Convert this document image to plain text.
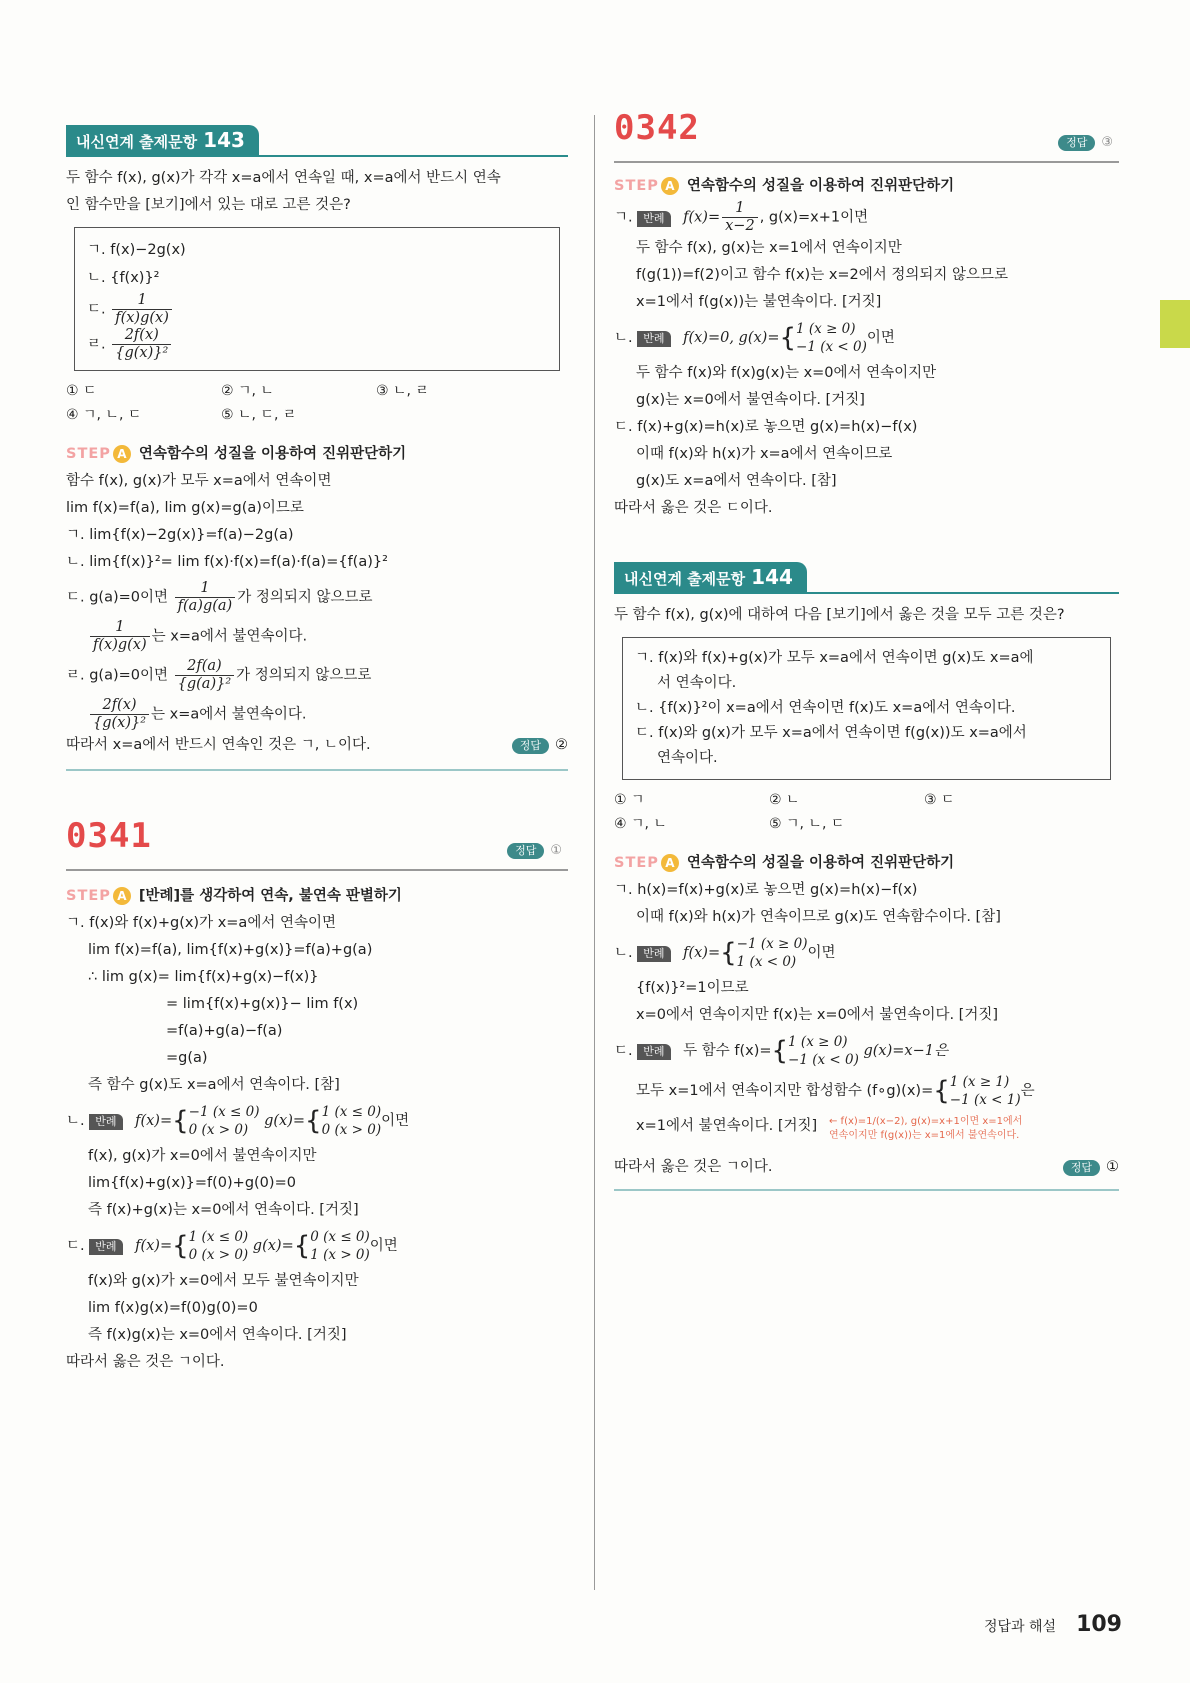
내신연계 출제문항 143
두 함수 f(x), g(x)가 각각 x=a에서 연속일 때, x=a에서 반드시 연속
인 함수만을 [보기]에서 있는 대로 고른 것은?
ㄱ. f(x)−2g(x)
ㄴ. {f(x)}²
ㄷ. $\frac{1}{f(x)g(x)}$
ㄹ. $\frac{2f(x)}{\text{\{g(x)\}²}}$
① ㄷ	② ㄱ, ㄴ	③ ㄴ, ㄹ
④ ㄱ, ㄴ, ㄷ	⑤ ㄴ, ㄷ, ㄹ
STEP A 연속함수의 성질을 이용하여 진위판단하기
함수 f(x), g(x)가 모두 x=a에서 연속이면
lim f(x)=f(a), lim g(x)=g(a)이므로
ㄱ. lim{f(x)−2g(x)}=f(a)−2g(a)
ㄴ. lim{f(x)}²= lim f(x)·f(x)=f(a)·f(a)={f(a)}²
ㄷ. g(a)=0이면 $\frac{1}{f(a)g(a)}$ 가 정의되지 않으므로
$\frac{1}{f(x)g(x)}$ 는 x=a에서 불연속이다.
ㄹ. g(a)=0이면 $\frac{2f(a)}{\text{\{g(a)\}²}}$ 가 정의되지 않으므로
$\frac{2f(x)}{\text{\{g(x)\}²}}$ 는 x=a에서 불연속이다.
따라서 x=a에서 반드시 연속인 것은 ㄱ, ㄴ이다.	정답 ②
0341	정답 ①
STEP A [반례]를 생각하여 연속, 불연속 판별하기
ㄱ. f(x)와 f(x)+g(x)가 x=a에서 연속이면
lim f(x)=f(a), lim{f(x)+g(x)}=f(a)+g(a)
∴ lim g(x)= lim{f(x)+g(x)−f(x)}
= lim{f(x)+g(x)}− lim f(x)
=f(a)+g(a)−f(a)
=g(a)
즉 함수 g(x)도 x=a에서 연속이다. [참]
ㄴ. 반례 f(x)={ −1 (x ≤ 0)
0 (x > 0)
g(x)={ 1 (x ≤ 0)
0 (x > 0)
이면
f(x), g(x)가 x=0에서 불연속이지만
lim{f(x)+g(x)}=f(0)+g(0)=0
즉 f(x)+g(x)는 x=0에서 연속이다. [거짓]
ㄷ. 반례 f(x)={ 1 (x ≤ 0)
0 (x > 0)
g(x)={ 0 (x ≤ 0)
1 (x > 0)
이면
f(x)와 g(x)가 x=0에서 모두 불연속이지만
lim f(x)g(x)=f(0)g(0)=0
즉 f(x)g(x)는 x=0에서 연속이다. [거짓]
따라서 옳은 것은 ㄱ이다.
0342	정답 ③
STEP A 연속함수의 성질을 이용하여 진위판단하기
ㄱ. 반례 $f(x)= \frac{1}{x-2}$ , g(x)=x+1이면
두 함수 f(x), g(x)는 x=1에서 연속이지만
f(g(1))=f(2)이고 함수 f(x)는 x=2에서 정의되지 않으므로
x=1에서 f(g(x))는 불연속이다. [거짓]
ㄴ. 반례 f(x)=0, g(x)={ 1 (x ≥ 0)
−1 (x < 0)
이면
두 함수 f(x)와 f(x)g(x)는 x=0에서 연속이지만
g(x)는 x=0에서 불연속이다. [거짓]
ㄷ. f(x)+g(x)=h(x)로 놓으면 g(x)=h(x)−f(x)
이때 f(x)와 h(x)가 x=a에서 연속이므로
g(x)도 x=a에서 연속이다. [참]
따라서 옳은 것은 ㄷ이다.
내신연계 출제문항 144
두 함수 f(x), g(x)에 대하여 다음 [보기]에서 옳은 것을 모두 고른 것은?
ㄱ. f(x)와 f(x)+g(x)가 모두 x=a에서 연속이면 g(x)도 x=a에
서 연속이다.
ㄴ. {f(x)}²이 x=a에서 연속이면 f(x)도 x=a에서 연속이다.
ㄷ. f(x)와 g(x)가 모두 x=a에서 연속이면 f(g(x))도 x=a에서
연속이다.
① ㄱ	② ㄴ	③ ㄷ
④ ㄱ, ㄴ	⑤ ㄱ, ㄴ, ㄷ
STEP A 연속함수의 성질을 이용하여 진위판단하기
ㄱ. h(x)=f(x)+g(x)로 놓으면 g(x)=h(x)−f(x)
이때 f(x)와 h(x)가 연속이므로 g(x)도 연속함수이다. [참]
ㄴ. 반례 f(x)={ −1 (x ≥ 0)
1 (x < 0)
이면
{f(x)}²=1이므로
x=0에서 연속이지만 f(x)는 x=0에서 불연속이다. [거짓]
ㄷ. 반례 두 함수 f(x)={ 1 (x ≥ 0)
−1 (x < 0)
g(x)=x−1은
모두 x=1에서 연속이지만 합성함수 (f∘g)(x)={ 1 (x ≥ 1)
−1 (x < 1)
은
x=1에서 불연속이다. [거짓] ← f(x)=1/(x−2), g(x)=x+1이면 x=1에서
연속이지만 f(g(x))는 x=1에서 불연속이다.
따라서 옳은 것은 ㄱ이다.	정답 ①
정답과 해설 109
